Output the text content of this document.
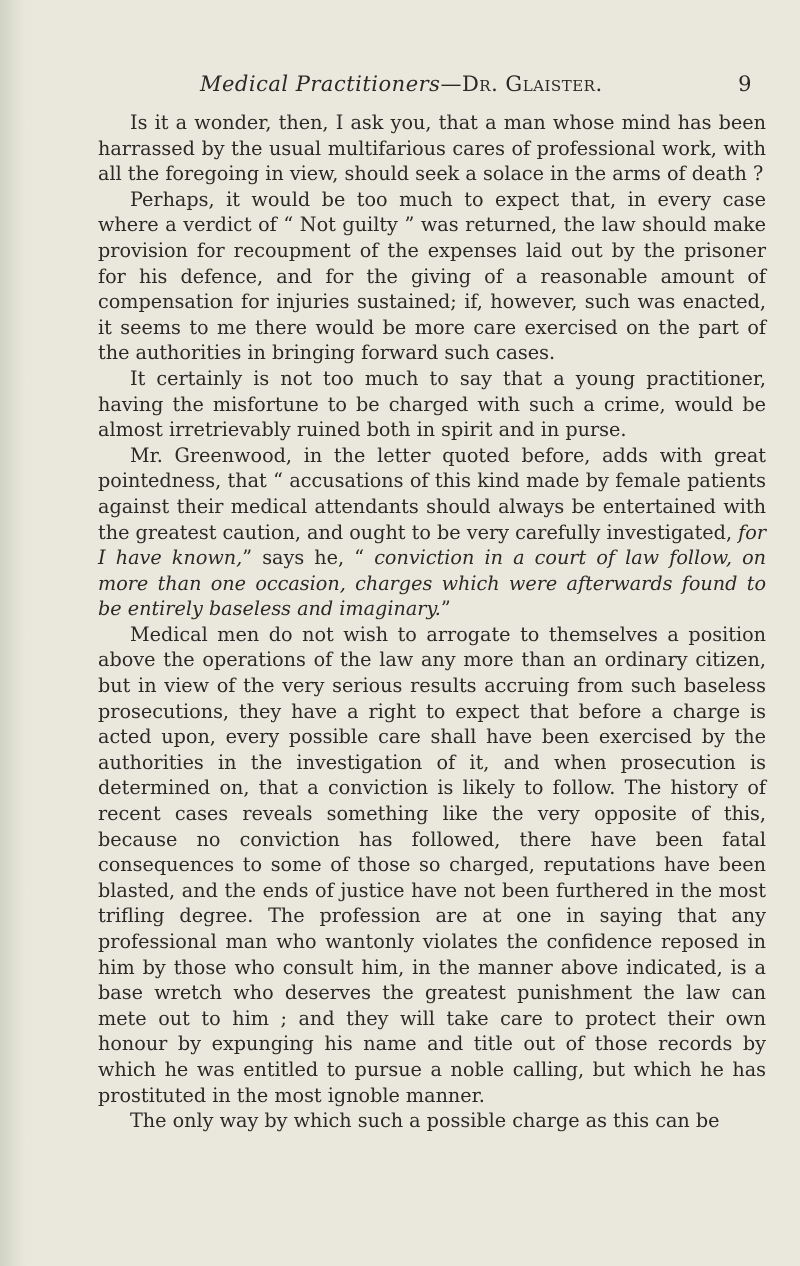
Medical Practitioners—Dr. Glaister.	9

Is it a wonder, then, I ask you, that a man whose mind has been harrassed by the usual multifarious cares of professional work, with all the foregoing in view, should seek a solace in the arms of death ?

Perhaps, it would be too much to expect that, in every case where a verdict of “ Not guilty ” was returned, the law should make provision for recoupment of the expenses laid out by the prisoner for his defence, and for the giving of a reasonable amount of compensation for injuries sustained; if, however, such was enacted, it seems to me there would be more care exercised on the part of the authorities in bringing forward such cases.

It certainly is not too much to say that a young practitioner, having the misfortune to be charged with such a crime, would be almost irretrievably ruined both in spirit and in purse.

Mr. Greenwood, in the letter quoted before, adds with great pointedness, that “ accusations of this kind made by female patients against their medical attendants should always be entertained with the greatest caution, and ought to be very carefully investigated, for I have known,” says he, “ conviction in a court of law follow, on more than one occasion, charges which were afterwards found to be entirely baseless and imaginary.”

Medical men do not wish to arrogate to themselves a position above the operations of the law any more than an ordinary citizen, but in view of the very serious results accruing from such baseless prosecutions, they have a right to expect that before a charge is acted upon, every possible care shall have been exercised by the authorities in the investigation of it, and when prosecution is determined on, that a conviction is likely to follow. The history of recent cases reveals something like the very opposite of this, because no conviction has followed, there have been fatal consequences to some of those so charged, reputations have been blasted, and the ends of justice have not been furthered in the most trifling degree. The profession are at one in saying that any professional man who wantonly violates the confidence reposed in him by those who consult him, in the manner above indicated, is a base wretch who deserves the greatest punishment the law can mete out to him ; and they will take care to protect their own honour by expunging his name and title out of those records by which he was entitled to pursue a noble calling, but which he has prostituted in the most ignoble manner.

The only way by which such a possible charge as this can be
